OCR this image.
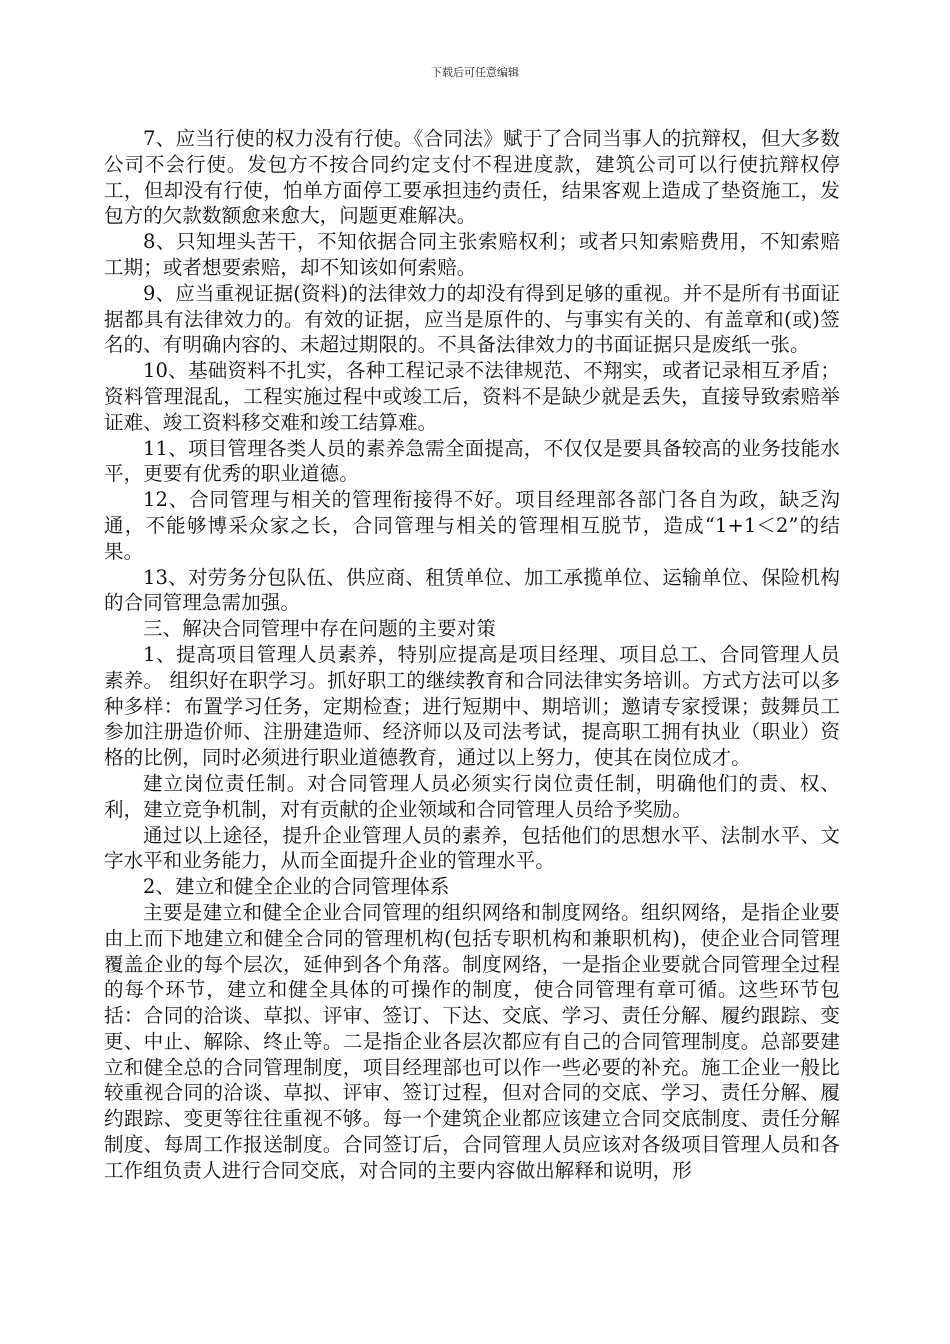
下载后可任意编辑

7、应当行使的权力没有行使。《合同法》赋于了合同当事人的抗辩权，但大多数公司不会行使。发包方不按合同约定支付不程进度款，建筑公司可以行使抗辩权停工，但却没有行使，怕单方面停工要承担违约责任，结果客观上造成了垫资施工，发包方的欠款数额愈来愈大，问题更难解决。

8、只知埋头苦干，不知依据合同主张索赔权利；或者只知索赔费用，不知索赔工期；或者想要索赔，却不知该如何索赔。

9、应当重视证据(资料)的法律效力的却没有得到足够的重视。并不是所有书面证据都具有法律效力的。有效的证据，应当是原件的、与事实有关的、有盖章和(或)签名的、有明确内容的、未超过期限的。不具备法律效力的书面证据只是废纸一张。

10、基础资料不扎实，各种工程记录不法律规范、不翔实，或者记录相互矛盾；资料管理混乱，工程实施过程中或竣工后，资料不是缺少就是丢失，直接导致索赔举证难、竣工资料移交难和竣工结算难。

11、项目管理各类人员的素养急需全面提高，不仅仅是要具备较高的业务技能水平，更要有优秀的职业道德。

12、合同管理与相关的管理衔接得不好。项目经理部各部门各自为政，缺乏沟通，不能够博采众家之长，合同管理与相关的管理相互脱节，造成“1+1＜2”的结果。

13、对劳务分包队伍、供应商、租赁单位、加工承揽单位、运输单位、保险机构的合同管理急需加强。

三、解决合同管理中存在问题的主要对策

1、提高项目管理人员素养，特别应提高是项目经理、项目总工、合同管理人员素养。 组织好在职学习。抓好职工的继续教育和合同法律实务培训。方式方法可以多种多样：布置学习任务，定期检查；进行短期中、期培训；邀请专家授课；鼓舞员工参加注册造价师、注册建造师、经济师以及司法考试，提高职工拥有执业（职业）资格的比例，同时必须进行职业道德教育，通过以上努力，使其在岗位成才。

建立岗位责任制。对合同管理人员必须实行岗位责任制，明确他们的责、权、利，建立竞争机制，对有贡献的企业领域和合同管理人员给予奖励。

通过以上途径，提升企业管理人员的素养，包括他们的思想水平、法制水平、文字水平和业务能力，从而全面提升企业的管理水平。

2、建立和健全企业的合同管理体系

主要是建立和健全企业合同管理的组织网络和制度网络。组织网络，是指企业要由上而下地建立和健全合同的管理机构(包括专职机构和兼职机构)，使企业合同管理覆盖企业的每个层次，延伸到各个角落。制度网络，一是指企业要就合同管理全过程的每个环节，建立和健全具体的可操作的制度，使合同管理有章可循。这些环节包括：合同的洽谈、草拟、评审、签订、下达、交底、学习、责任分解、履约跟踪、变更、中止、解除、终止等。二是指企业各层次都应有自己的合同管理制度。总部要建立和健全总的合同管理制度，项目经理部也可以作一些必要的补充。施工企业一般比较重视合同的洽谈、草拟、评审、签订过程，但对合同的交底、学习、责任分解、履约跟踪、变更等往往重视不够。每一个建筑企业都应该建立合同交底制度、责任分解制度、每周工作报送制度。合同签订后，合同管理人员应该对各级项目管理人员和各工作组负责人进行合同交底，对合同的主要内容做出解释和说明，形
